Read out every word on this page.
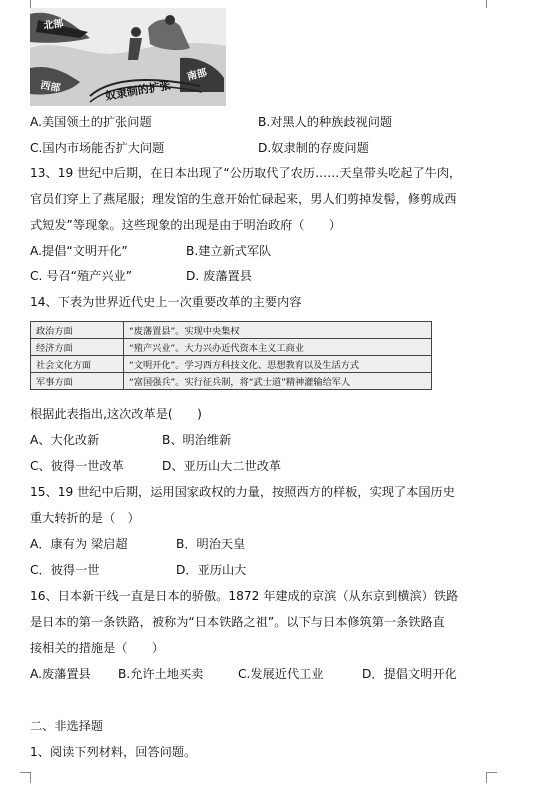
北部
西部
南部
奴隶制的扩张
A.美国领土的扩张问题	B.对黑人的种族歧视问题
C.国内市场能否扩大问题	D.奴隶制的存废问题
13、19 世纪中后期，在日本出现了“公历取代了农历……天皇带头吃起了牛肉，
官员们穿上了燕尾服；理发馆的生意开始忙碌起来，男人们剪掉发髻，修剪成西
式短发”等现象。这些现象的出现是由于明治政府（　　）
A.提倡“文明开化”	B.建立新式军队
C. 号召“殖产兴业”	D. 废藩置县
14、下表为世界近代史上一次重要改革的主要内容
政治方面	“废藩置县”。实现中央集权
经济方面	“殖产兴业”。大力兴办近代资本主义工商业
社会文化方面	“文明开化”。学习西方科技文化、思想教育以及生活方式
军事方面	“富国强兵”。实行征兵制，将“武士道”精神灌输给军人
根据此表指出,这次改革是(　　)
A、大化改新	B、明治维新
C、彼得一世改革	D、亚历山大二世改革
15、19 世纪中后期，运用国家政权的力量，按照西方的样板，实现了本国历史
重大转折的是（　）
A．康有为 梁启超	B．明治天皇
C．彼得一世	D．亚历山大
16、日本新干线一直是日本的骄傲。1872 年建成的京滨（从东京到横滨）铁路
是日本的第一条铁路，被称为“日本铁路之祖”。以下与日本修筑第一条铁路直
接相关的措施是（　　）
A.废藩置县 B.允许土地买卖	C.发展近代工业	D．提倡文明开化
二、非选择题
1、阅读下列材料，回答问题。
